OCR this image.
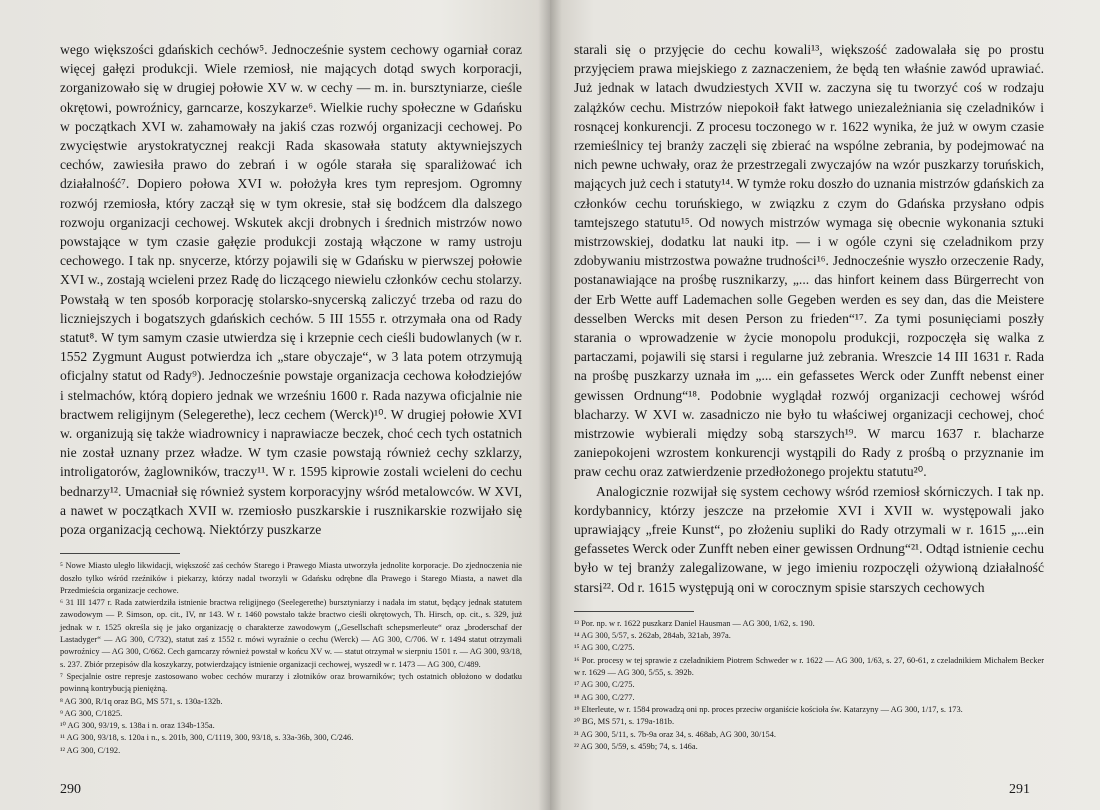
wego większości gdańskich cechów⁵. Jednocześnie system cechowy ogarniał coraz więcej gałęzi produkcji. Wiele rzemiosł, nie mających dotąd swych korporacji, zorganizowało się w drugiej połowie XV w. w cechy — m. in. bursztyniarze, cieśle okrętowi, powroźnicy, garncarze, koszykarze⁶. Wielkie ruchy społeczne w Gdańsku w początkach XVI w. zahamowały na jakiś czas rozwój organizacji cechowej. Po zwycięstwie arystokratycznej reakcji Rada skasowała statuty aktywniejszych cechów, zawiesiła prawo do zebrań i w ogóle starała się sparaliżować ich działalność⁷. Dopiero połowa XVI w. położyła kres tym represjom. Ogromny rozwój rzemiosła, który zaczął się w tym okresie, stał się bodźcem dla dalszego rozwoju organizacji cechowej. Wskutek akcji drobnych i średnich mistrzów nowo powstające w tym czasie gałęzie produkcji zostają włączone w ramy ustroju cechowego. I tak np. snycerze, którzy pojawili się w Gdańsku w pierwszej połowie XVI w., zostają wcieleni przez Radę do liczącego niewielu członków cechu stolarzy. Powstałą w ten sposób korporację stolarsko-snycerską zaliczyć trzeba od razu do liczniejszych i bogatszych gdańskich cechów. 5 III 1555 r. otrzymała ona od Rady statut⁸. W tym samym czasie utwierdza się i krzepnie cech cieśli budowlanych (w r. 1552 Zygmunt August potwierdza ich „stare obyczaje“, w 3 lata potem otrzymują oficjalny statut od Rady⁹). Jednocześnie powstaje organizacja cechowa kołodziejów i stelmachów, którą dopiero jednak we wrześniu 1600 r. Rada nazywa oficjalnie nie bractwem religijnym (Selegerethe), lecz cechem (Werck)¹⁰. W drugiej połowie XVI w. organizują się także wiadrownicy i naprawiacze beczek, choć cech tych ostatnich nie został uznany przez władze. W tym czasie powstają również cechy szklarzy, introligatorów, żaglowników, traczy¹¹. W r. 1595 kiprowie zostali wcieleni do cechu bednarzy¹². Umacniał się również system korporacyjny wśród metalowców. W XVI, a nawet w początkach XVII w. rzemiosło puszkarskie i rusznikarskie rozwijało się poza organizacją cechową. Niektórzy puszkarze

⁵ Nowe Miasto uległo likwidacji, większość zaś cechów Starego i Prawego Miasta utworzyła jednolite korporacje. Do zjednoczenia nie doszło tylko wśród rzeźników i piekarzy, którzy nadal tworzyli w Gdańsku odrębne dla Prawego i Starego Miasta, a nawet dla Przedmieścia organizacje cechowe.

⁶ 31 III 1477 r. Rada zatwierdziła istnienie bractwa religijnego (Seelegerethe) bursztyniarzy i nadała im statut, będący jednak statutem zawodowym — P. Simson, op. cit., IV, nr 143. W r. 1460 powstało także bractwo cieśli okrętowych, Th. Hirsch, op. cit., s. 329, już jednak w r. 1525 określa się je jako organizację o charakterze zawodowym („Gesellschaft schepsmerleute“ oraz „broderschaf der Lastadyger“ — AG 300, C/732), statut zaś z 1552 r. mówi wyraźnie o cechu (Werck) — AG 300, C/706. W r. 1494 statut otrzymali powroźnicy — AG 300, C/662. Cech garncarzy również powstał w końcu XV w. — statut otrzymał w sierpniu 1501 r. — AG 300, 93/18, s. 237. Zbiór przepisów dla koszykarzy, potwierdzający istnienie organizacji cechowej, wyszedł w r. 1473 — AG 300, C/489.

⁷ Specjalnie ostre represje zastosowano wobec cechów murarzy i złotników oraz browarników; tych ostatnich obłożono w dodatku powinną kontrybucją pieniężną.

⁸ AG 300, R/1q oraz BG, MS 571, s. 130a-132b.

⁹ AG 300, C/1825.

¹⁰ AG 300, 93/19, s. 138a i n. oraz 134b-135a.

¹¹ AG 300, 93/18, s. 120a i n., s. 201b, 300, C/1119, 300, 93/18, s. 33a-36b, 300, C/246.

¹² AG 300, C/192.

290

starali się o przyjęcie do cechu kowali¹³, większość zadowalała się po prostu przyjęciem prawa miejskiego z zaznaczeniem, że będą ten właśnie zawód uprawiać. Już jednak w latach dwudziestych XVII w. zaczyna się tu tworzyć coś w rodzaju zalążków cechu. Mistrzów niepokoił fakt łatwego uniezależniania się czeladników i rosnącej konkurencji. Z procesu toczonego w r. 1622 wynika, że już w owym czasie rzemieślnicy tej branży zaczęli się zbierać na wspólne zebrania, by podejmować na nich pewne uchwały, oraz że przestrzegali zwyczajów na wzór puszkarzy toruńskich, mających już cech i statuty¹⁴. W tymże roku doszło do uznania mistrzów gdańskich za członków cechu toruńskiego, w związku z czym do Gdańska przysłano odpis tamtejszego statutu¹⁵. Od nowych mistrzów wymaga się obecnie wykonania sztuki mistrzowskiej, dodatku lat nauki itp. — i w ogóle czyni się czeladnikom przy zdobywaniu mistrzostwa poważne trudności¹⁶. Jednocześnie wyszło orzeczenie Rady, postanawiające na prośbę rusznikarzy, „... das hinfort keinem dass Bürgerrecht von der Erb Wette auff Lademachen solle Gegeben werden es sey dan, das die Meistere desselben Wercks mit desen Person zu frieden“¹⁷. Za tymi posunięciami poszły starania o wprowadzenie w życie monopolu produkcji, rozpoczęła się walka z partaczami, pojawili się starsi i regularne już zebrania. Wreszcie 14 III 1631 r. Rada na prośbę puszkarzy uznała im „... ein gefassetes Werck oder Zunfft nebenst einer gewissen Ordnung“¹⁸. Podobnie wyglądał rozwój organizacji cechowej wśród blacharzy. W XVI w. zasadniczo nie było tu właściwej organizacji cechowej, choć mistrzowie wybierali między sobą starszych¹⁹. W marcu 1637 r. blacharze zaniepokojeni wzrostem konkurencji wystąpili do Rady z prośbą o przyznanie im praw cechu oraz zatwierdzenie przedłożonego projektu statutu²⁰.

Analogicznie rozwijał się system cechowy wśród rzemiosł skórniczych. I tak np. kordybannicy, którzy jeszcze na przełomie XVI i XVII w. występowali jako uprawiający „freie Kunst“, po złożeniu supliki do Rady otrzymali w r. 1615 „...ein gefassetes Werck oder Zunfft neben einer gewissen Ordnung“²¹. Odtąd istnienie cechu było w tej branży zalegalizowane, w jego imieniu rozpoczęli ożywioną działalność starsi²². Od r. 1615 występują oni w corocznym spisie starszych cechowych

¹³ Por. np. w r. 1622 puszkarz Daniel Hausman — AG 300, 1/62, s. 190.

¹⁴ AG 300, 5/57, s. 262ab, 284ab, 321ab, 397a.

¹⁵ AG 300, C/275.

¹⁶ Por. procesy w tej sprawie z czeladnikiem Piotrem Schweder w r. 1622 — AG 300, 1/63, s. 27, 60-61, z czeladnikiem Michałem Becker w r. 1629 — AG 300, 5/55, s. 392b.

¹⁷ AG 300, C/275.

¹⁸ AG 300, C/277.

¹⁹ Elterleute, w r. 1584 prowadzą oni np. proces przeciw organiście kościoła św. Katarzyny — AG 300, 1/17, s. 173.

²⁰ BG, MS 571, s. 179a-181b.

²¹ AG 300, 5/11, s. 7b-9a oraz 34, s. 468ab, AG 300, 30/154.

²² AG 300, 5/59, s. 459b; 74, s. 146a.

291
